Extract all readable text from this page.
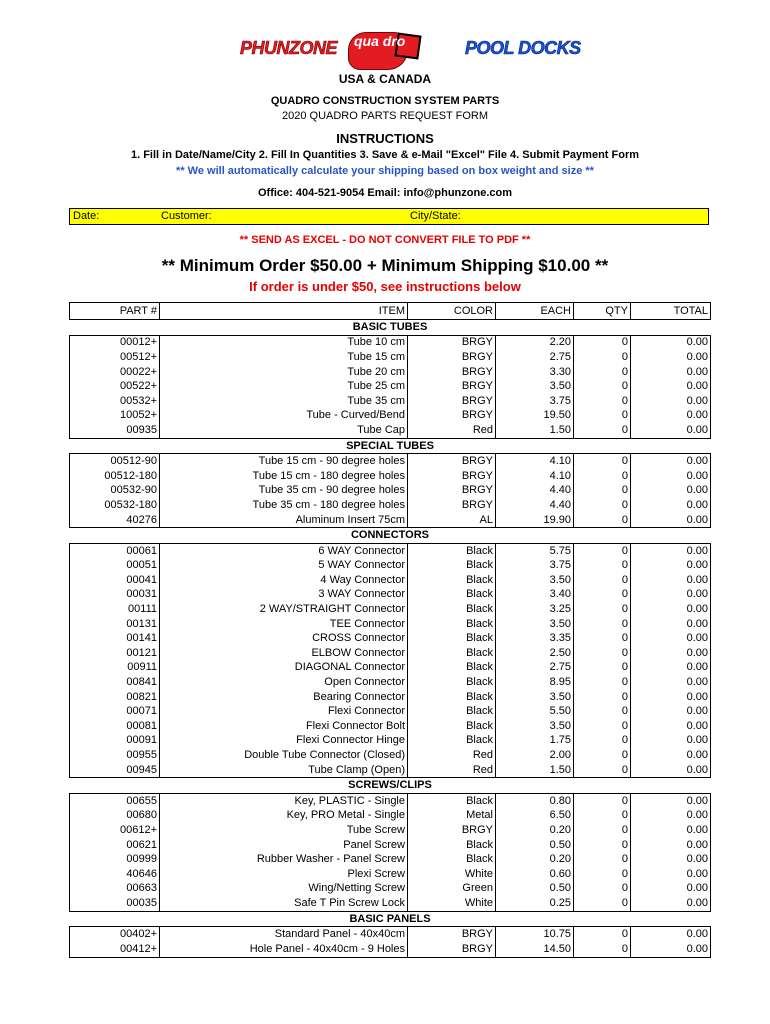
PHUNZONE qua dro	POOL DOCKS
USA & CANADA
QUADRO CONSTRUCTION SYSTEM PARTS
2020 QUADRO PARTS REQUEST FORM
INSTRUCTIONS
1. Fill in Date/Name/City 2. Fill In Quantities 3. Save & e-Mail "Excel" File 4. Submit Payment Form
** We will automatically calculate your shipping based on box weight and size **
Office: 404-521-9054 Email: info@phunzone.com
Date:	Customer:	City/State:
** SEND AS EXCEL - DO NOT CONVERT FILE TO PDF **
** Minimum Order $50.00 + Minimum Shipping $10.00 **
If order is under $50, see instructions below
PART #	ITEM	COLOR	EACH	QTY	TOTAL
BASIC TUBES					
00012+	Tube 10 cm	BRGY	2.20	0	0.00
00512+	Tube 15 cm	BRGY	2.75	0	0.00
00022+	Tube 20 cm	BRGY	3.30	0	0.00
00522+	Tube 25 cm	BRGY	3.50	0	0.00
00532+	Tube 35 cm	BRGY	3.75	0	0.00
10052+	Tube - Curved/Bend	BRGY	19.50	0	0.00
00935	Tube Cap	Red	1.50	0	0.00
SPECIAL TUBES					
00512-90	Tube 15 cm - 90 degree holes	BRGY	4.10	0	0.00
00512-180	Tube 15 cm - 180 degree holes	BRGY	4.10	0	0.00
00532-90	Tube 35 cm - 90 degree holes	BRGY	4.40	0	0.00
00532-180	Tube 35 cm - 180 degree holes	BRGY	4.40	0	0.00
40276	Aluminum Insert 75cm	AL	19.90	0	0.00
CONNECTORS					
00061	6 WAY Connector	Black	5.75	0	0.00
00051	5 WAY Connector	Black	3.75	0	0.00
00041	4 Way Connector	Black	3.50	0	0.00
00031	3 WAY Connector	Black	3.40	0	0.00
00111	2 WAY/STRAIGHT Connector	Black	3.25	0	0.00
00131	TEE Connector	Black	3.50	0	0.00
00141	CROSS Connector	Black	3.35	0	0.00
00121	ELBOW Connector	Black	2.50	0	0.00
00911	DIAGONAL Connector	Black	2.75	0	0.00
00841	Open Connector	Black	8.95	0	0.00
00821	Bearing Connector	Black	3.50	0	0.00
00071	Flexi Connector	Black	5.50	0	0.00
00081	Flexi Connector Bolt	Black	3.50	0	0.00
00091	Flexi Connector Hinge	Black	1.75	0	0.00
00955	Double Tube Connector (Closed)	Red	2.00	0	0.00
00945	Tube Clamp (Open)	Red	1.50	0	0.00
SCREWS/CLIPS					
00655	Key, PLASTIC - Single	Black	0.80	0	0.00
00680	Key, PRO Metal - Single	Metal	6.50	0	0.00
00612+	Tube Screw	BRGY	0.20	0	0.00
00621	Panel Screw	Black	0.50	0	0.00
00999	Rubber Washer - Panel Screw	Black	0.20	0	0.00
40646	Plexi Screw	White	0.60	0	0.00
00663	Wing/Netting Screw	Green	0.50	0	0.00
00035	Safe T Pin Screw Lock	White	0.25	0	0.00
BASIC PANELS					
00402+	Standard Panel - 40x40cm	BRGY	10.75	0	0.00
00412+	Hole Panel - 40x40cm - 9 Holes	BRGY	14.50	0	0.00
